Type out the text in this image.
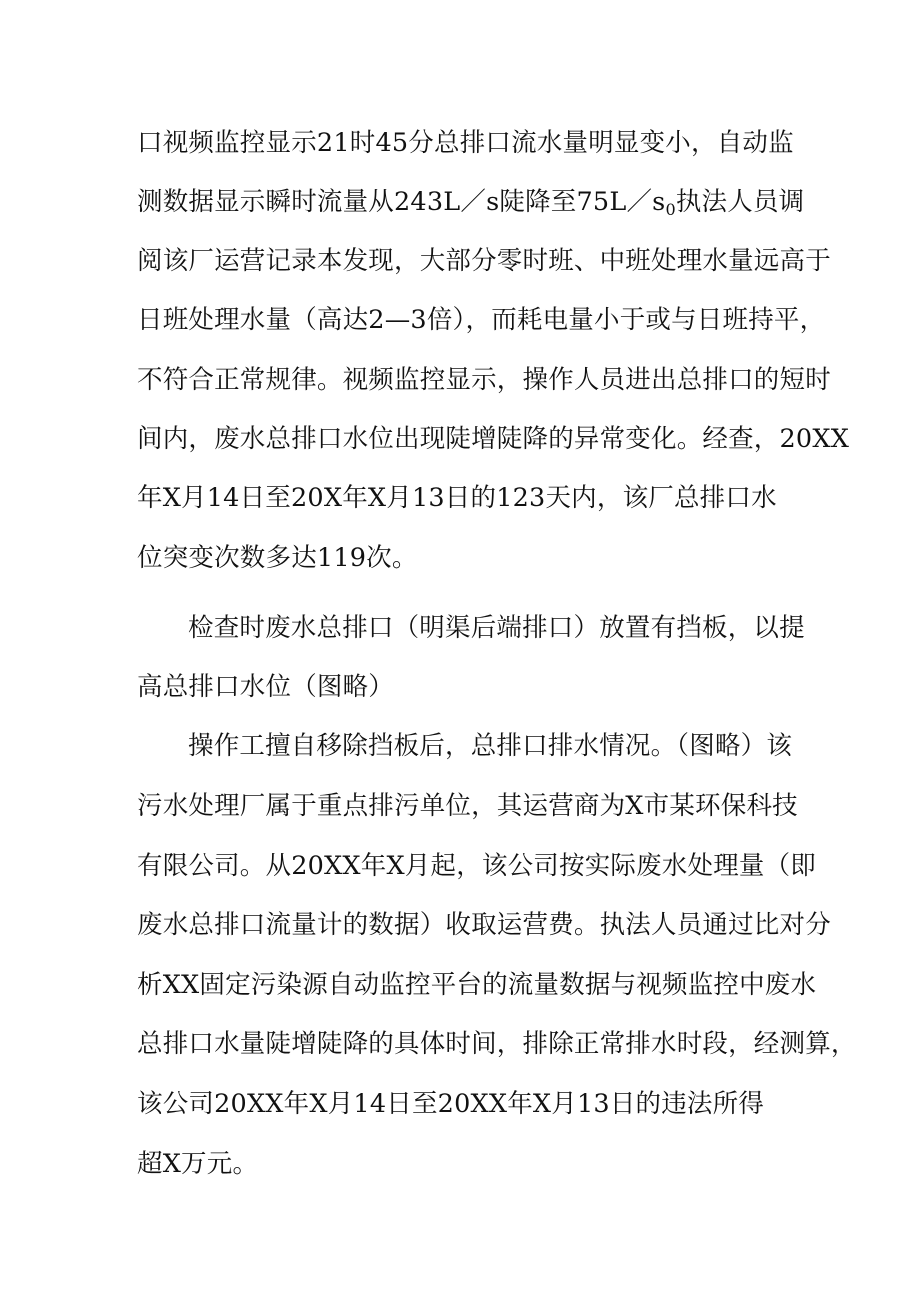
口视频监控显示21时45分总排口流水量明显变小，自动监
测数据显示瞬时流量从243L／s陡降至$75L/s_0$执法人员调
阅该厂运营记录本发现，大部分零时班、中班处理水量远高于
日班处理水量（高达2—3倍），而耗电量小于或与日班持平，
不符合正常规律。视频监控显示，操作人员进出总排口的短时
间内，废水总排口水位出现陡增陡降的异常变化。经查，20XX
年X月14日至20X年X月13日的123天内，该厂总排口水
位突变次数多达119次。
检查时废水总排口（明渠后端排口）放置有挡板，以提
高总排口水位（图略）
操作工擅自移除挡板后，总排口排水情况。（图略）该
污水处理厂属于重点排污单位，其运营商为X市某环保科技
有限公司。从20XX年X月起，该公司按实际废水处理量（即
废水总排口流量计的数据）收取运营费。执法人员通过比对分
析XX固定污染源自动监控平台的流量数据与视频监控中废水
总排口水量陡增陡降的具体时间，排除正常排水时段，经测算，
该公司20XX年X月14日至20XX年X月13日的违法所得
超X万元。
